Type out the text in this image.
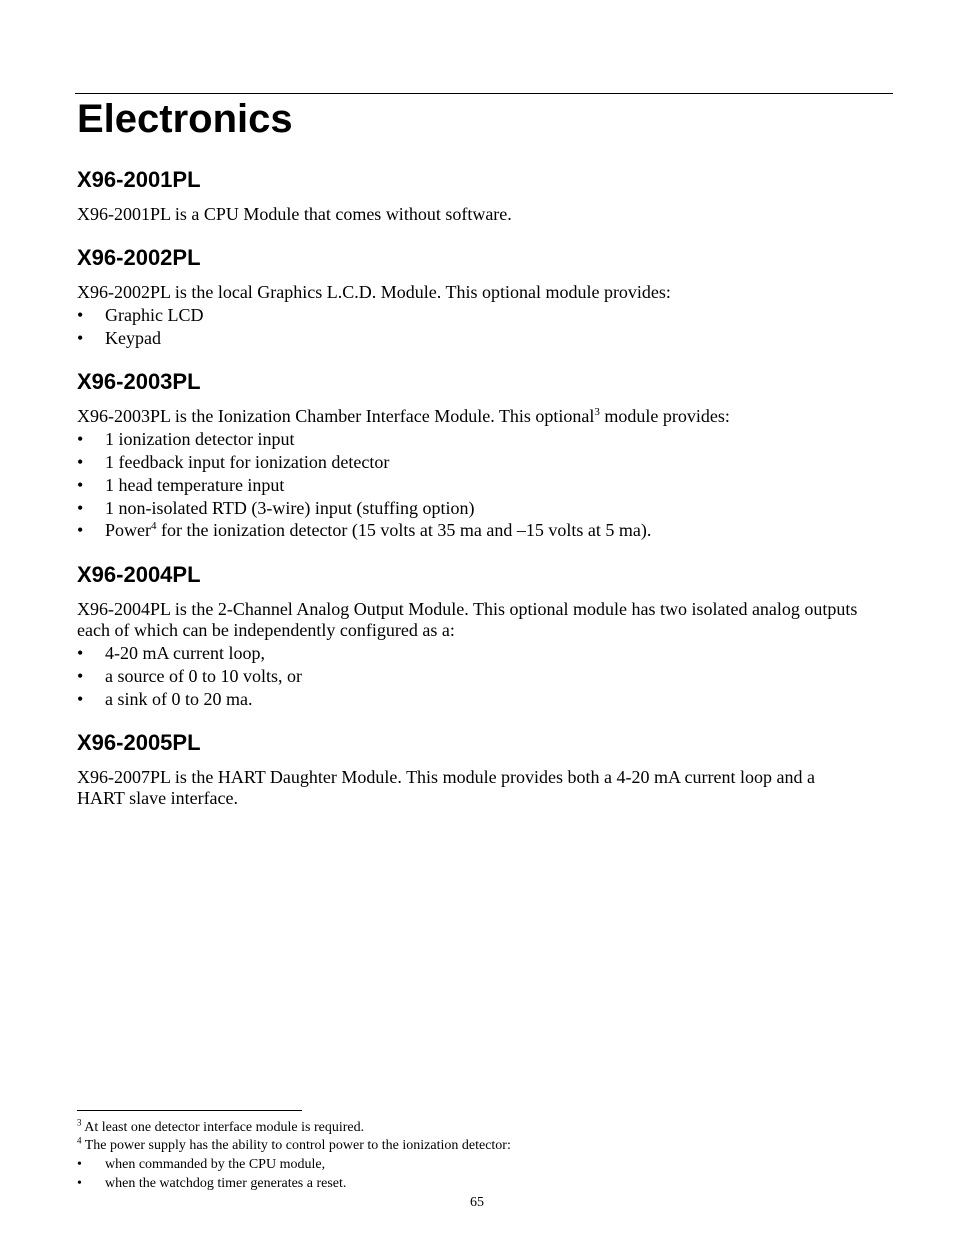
Electronics
X96-2001PL
X96-2001PL is a CPU Module that comes without software.
X96-2002PL
X96-2002PL is the local Graphics L.C.D. Module. This optional module provides:
•	Graphic LCD
•	Keypad
X96-2003PL
X96-2003PL is the Ionization Chamber Interface Module. This optional$^3$ module provides:
•	1 ionization detector input
•	1 feedback input for ionization detector
•	1 head temperature input
•	1 non-isolated RTD (3-wire) input (stuffing option)
•	Power$^4$ for the ionization detector (15 volts at 35 ma and –15 volts at 5 ma).
X96-2004PL
X96-2004PL is the 2-Channel Analog Output Module. This optional module has two isolated analog outputs
each of which can be independently configured as a:
•	4-20 mA current loop,
•	a source of 0 to 10 volts, or
•	a sink of 0 to 20 ma.
X96-2005PL
X96-2007PL is the HART Daughter Module. This module provides both a 4-20 mA current loop and a
HART slave interface.
$^3$ At least one detector interface module is required.
$^4$ The power supply has the ability to control power to the ionization detector:
• when commanded by the CPU module,
• when the watchdog timer generates a reset.
65
